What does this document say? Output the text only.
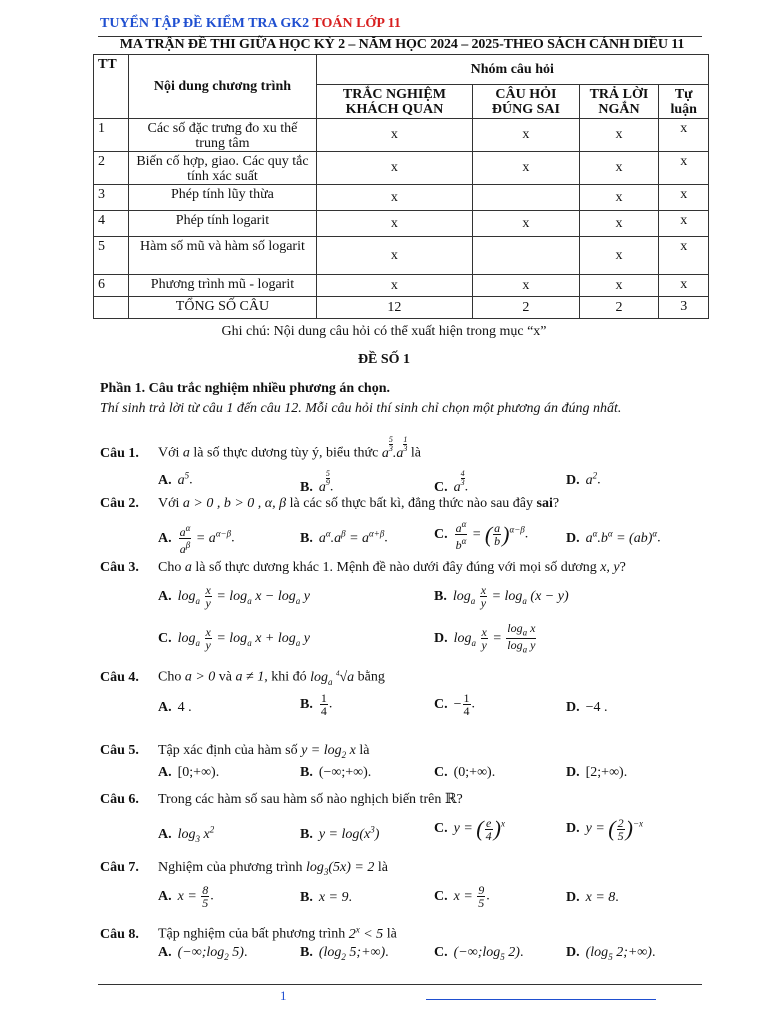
TUYỂN TẬP ĐỀ KIỂM TRA GK2 TOÁN LỚP 11
MA TRẬN ĐỀ THI GIỮA HỌC KỲ 2 – NĂM HỌC 2024 – 2025-THEO SÁCH CÁNH DIỀU 11
TT	Nội dung chương trình	Nhóm câu hỏi			
		TRẮC NGHIỆM KHÁCH QUAN	CÂU HỎI ĐÚNG SAI	TRẢ LỜI NGẮN	Tự luận
1	Các số đặc trưng đo xu thế trung tâm	x	x	x	x
2	Biến cố hợp, giao. Các quy tắc tính xác suất	x	x	x	x
3	Phép tính lũy thừa	x		x	x
4	Phép tính logarit	x	x	x	x
5	Hàm số mũ và hàm số logarit	x		x	x
6	Phương trình mũ - logarit	x	x	x	x
	TỔNG SỐ CÂU	12	2	2	3
Ghi chú: Nội dung câu hỏi có thể xuất hiện trong mục “x”
ĐỀ SỐ 1
Phần 1. Câu trắc nghiệm nhiều phương án chọn.
Thí sinh trả lời từ câu 1 đến câu 12. Mỗi câu hỏi thí sinh chỉ chọn một phương án đúng nhất.
Câu 1. Với a là số thực dương tùy ý, biểu thức a
$\frac{5}{3}.a$
$\frac{1}{3}$ là
A. $a^5$.	B. a
$\frac{5}{9}$.	C. a
$\frac{4}{3}$.	D. $a^2$.
Câu 2. Với a > 0 , b > 0 , α, β là các số thực bất kì, đẳng thức nào sau đây sai?
A. $\frac{a^\alpha}{a^\beta} = a^{\alpha-\beta}$.	B. $a^\alpha.a^\beta = a^{\alpha+\beta}$.	C. $\frac{a^\alpha}{b^\alpha}$ = ( $\frac{a}{b} )^{\alpha-\beta}$.	D. $a^\alpha.b^\alpha = (ab)^\alpha$.
Câu 3. Cho a là số thực dương khác 1. Mệnh đề nào dưới đây đúng với mọi số dương x, y?
A. $\log_a \frac{x}{y} = \log_a x - \log_a y$	B. $\log_a \frac{x}{y} = \log_a (x - y)$
C. $\log_a \frac{x}{y} = \log_a x + \log_a y$	D. $\log_a \frac{x}{y} = \frac{\log_a x}{\log_a y}$
Câu 4. Cho a > 0 và a ≠ 1, khi đó $\log_a ^4√a$ bằng
A. 4 .	B. $\frac{1}{4}$ .	C. − $\frac{1}{4}$ .	D. −4 .
Câu 5. Tập xác định của hàm số $y = \log_2 x$ là
A. [0;+∞).	B. (−∞;+∞).	C. (0;+∞).	D. [2;+∞).
Câu 6. Trong các hàm số sau hàm số nào nghịch biến trên ℝ?
A. $\log_3 x^2$	B. $y = \log(x^3)$	C. y = ( $\frac{e}{4} )^x$	D. y = ( $\frac{2}{5} )^{-x}$
Câu 7. Nghiệm của phương trình $\log_3(5x) = 2$ là
A. $x = \frac{8}{5}$ .	B. x = 9.	C. $x = \frac{9}{5}$ .	D. x = 8.
Câu 8. Tập nghiệm của bất phương trình $2^x < 5$ là
A. ($-\infty;\log_2$ 5).	B. ($\log_2$ 5;+∞).	C. ($-\infty;\log_5$ 2).	D. ($\log_5$ 2;+∞).
1
